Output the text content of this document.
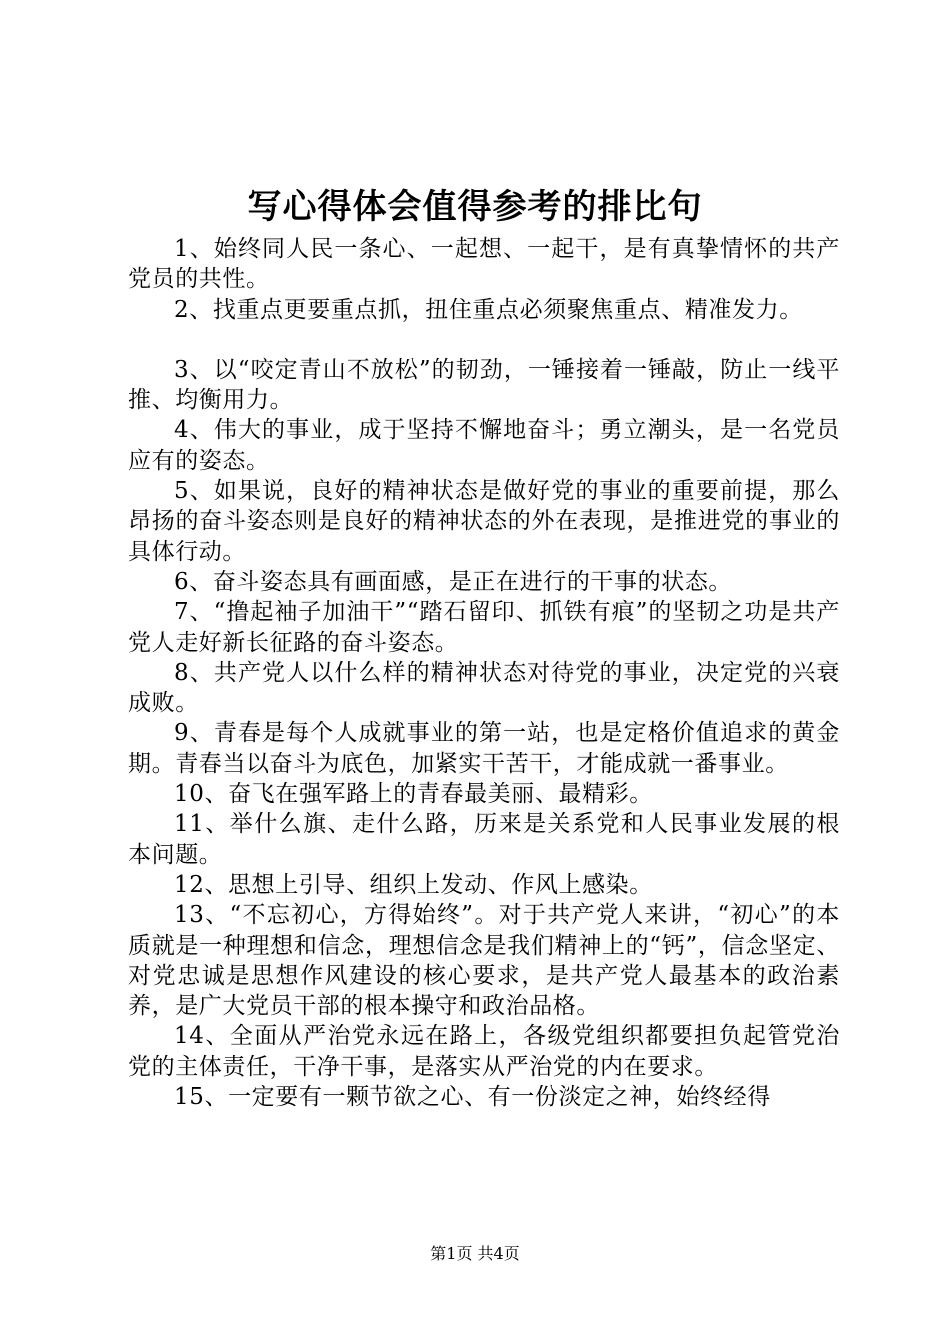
写心得体会值得参考的排比句

1、始终同人民一条心、一起想、一起干，是有真挚情怀的共产党员的共性。

2、找重点更要重点抓，扭住重点必须聚焦重点、精准发力。

3、以“咬定青山不放松”的韧劲，一锤接着一锤敲，防止一线平推、均衡用力。

4、伟大的事业，成于坚持不懈地奋斗；勇立潮头，是一名党员应有的姿态。

5、如果说，良好的精神状态是做好党的事业的重要前提，那么昂扬的奋斗姿态则是良好的精神状态的外在表现，是推进党的事业的具体行动。

6、奋斗姿态具有画面感，是正在进行的干事的状态。

7、“撸起袖子加油干”“踏石留印、抓铁有痕”的坚韧之功是共产党人走好新长征路的奋斗姿态。

8、共产党人以什么样的精神状态对待党的事业，决定党的兴衰成败。

9、青春是每个人成就事业的第一站，也是定格价值追求的黄金期。青春当以奋斗为底色，加紧实干苦干，才能成就一番事业。

10、奋飞在强军路上的青春最美丽、最精彩。

11、举什么旗、走什么路，历来是关系党和人民事业发展的根本问题。

12、思想上引导、组织上发动、作风上感染。

13、“不忘初心，方得始终”。对于共产党人来讲，“初心”的本质就是一种理想和信念，理想信念是我们精神上的“钙”，信念坚定、对党忠诚是思想作风建设的核心要求，是共产党人最基本的政治素养，是广大党员干部的根本操守和政治品格。

14、全面从严治党永远在路上，各级党组织都要担负起管党治党的主体责任，干净干事，是落实从严治党的内在要求。

15、一定要有一颗节欲之心、有一份淡定之神，始终经得

第1页 共4页
